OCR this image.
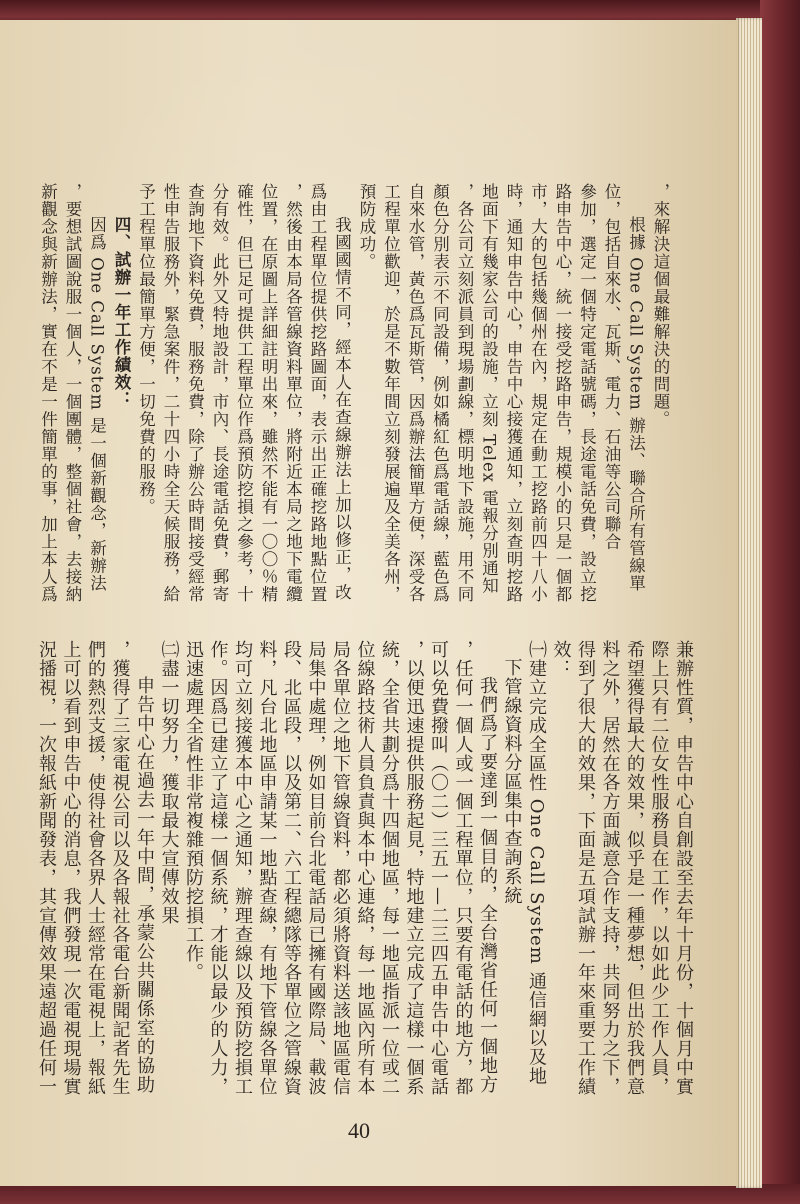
，來解決這個最難解決的問題。
根據 One Call System 辦法、聯合所有管線單
位，包括自來水、瓦斯、電力、石油等公司聯合
參加，選定一個特定電話號碼，長途電話免費，設立挖
路申告中心，統一接受挖路申告，規模小的只是一個都
市，大的包括幾個州在內，規定在動工挖路前四十八小
時，通知申告中心，申告中心接獲通知，立刻查明挖路
地面下有幾家公司的設施，立刻 Telex 電報分別通知
，各公司立刻派員到現場劃線，標明地下設施，用不同
顏色分別表示不同設備，例如橘紅色爲電話線，藍色爲
自來水管，黃色爲瓦斯管，因爲辦法簡單方便，深受各
工程單位歡迎，於是不數年間立刻發展遍及全美各州，
預防成功。
我國國情不同，經本人在查線辦法上加以修正，改
爲由工程單位提供挖路圖面，表示出正確挖路地點位置
，然後由本局各管線資料單位，將附近本局之地下電纜
位置，在原圖上詳細註明出來，雖然不能有一〇〇％精
確性，但已足可提供工程單位作爲預防挖損之參考，十
分有效。此外又特地設計，市內、長途電話免費，郵寄
查詢地下資料免費，服務免費，除了辦公時間接受經常
性申告服務外，緊急案件，二十四小時全天候服務，給
予工程單位最簡單方便，一切免費的服務。
四、試辦一年工作績效：
因爲 One Call System 是一個新觀念，新辦法
，要想試圖說服一個人，一個團體，整個社會，去接納
新觀念與新辦法，實在不是一件簡單的事，加上本人爲
兼辦性質，申告中心自創設至去年十月份，十個月中實
際上只有二位女性服務員在工作，以如此少工作人員，
希望獲得最大的效果，似乎是一種夢想，但出於我們意
料之外，居然在各方面誠意合作支持，共同努力之下，
得到了很大的效果，下面是五項試辦一年來重要工作績
效：
㈠建立完成全區性 One Call System 通信網以及地
下管線資料分區集中查詢系統
我們爲了要達到一個目的，全台灣省任何一個地方
，任何一個人或一個工程單位，只要有電話的地方，都
可以免費撥叫（〇二）三五一—二三四五申告中心電話
，以便迅速提供服務起見，特地建立完成了這樣一個系
統，全省共劃分爲十四個地區，每一地區指派一位或二
位線路技術人員負責與本中心連絡，每一地區內所有本
局各單位之地下管線資料，都必須將資料送該地區電信
局集中處理，例如目前台北電話局已擁有國際局、載波
段、北區段，以及第二、六工程總隊等各單位之管線資
料，凡台北地區申請某一地點查線，有地下管線各單位
均可立刻接獲本中心之通知，辦理查線以及預防挖損工
作。因爲已建立了這樣一個系統，才能以最少的人力，
迅速處理全省性非常複雜預防挖損工作。
㈡盡一切努力，獲取最大宣傳效果
申告中心在過去一年中間，承蒙公共關係室的協助
，獲得了三家電視公司以及各報社各電台新聞記者先生
們的熱烈支援，使得社會各界人士經常在電視上，報紙
上可以看到申告中心的消息，我們發現一次電視現場實
況播視，一次報紙新聞發表，其宣傳效果遠超過任何一
40
